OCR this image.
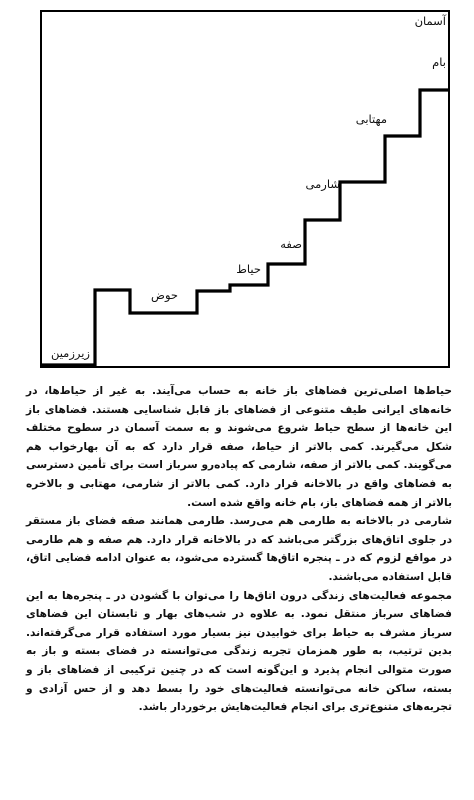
آسمان
بام
مهتابی
شارمی
صفه
حیاط
حوض
زیرزمین

حیاط‌ها اصلی‌ترین فضاهای باز خانه به حساب می‌آیند. به غیر از حیاط‌ها، در خانه‌های ایرانی طیف متنوعی از فضاهای باز قابل شناسایی هستند. فضاهای باز این خانه‌ها از سطح حیاط شروع می‌شوند و به سمت آسمان در سطوح مختلف شکل می‌گیرند. کمی بالاتر از حیاط، صفه قرار دارد که به آن بهارخواب هم می‌گویند. کمی بالاتر از صفه، شارمی که پیاده‌رو سرباز است برای تأمین دسترسی به فضاهای واقع در بالاخانه قرار دارد. کمی بالاتر از شارمی، مهتابی و بالاخره بالاتر از همه فضاهای باز، بام خانه واقع شده است.

شارمی در بالاخانه به طارمی هم می‌رسد. طارمی همانند صفه فضای باز مستقر در جلوی اتاق‌های بزرگتر می‌باشد که در بالاخانه قرار دارد. هم صفه و هم طارمی در مواقع لزوم که در ـ پنجره اتاق‌ها گسترده می‌شود، به عنوان ادامه فضایی اتاق، قابل استفاده می‌باشند.

مجموعه فعالیت‌های زندگی درون اتاق‌ها را می‌توان با گشودن در ـ پنجره‌ها به این فضاهای سرباز منتقل نمود. به علاوه در شب‌های بهار و تابستان این فضاهای سرباز مشرف به حیاط برای خوابیدن نیز بسیار مورد استفاده قرار می‌گرفته‌اند. بدین ترتیب، به طور همزمان تجربه زندگی می‌توانسته در فضای بسته و باز به صورت متوالی انجام پذیرد و این‌گونه است که در چنین ترکیبی از فضاهای باز و بسته، ساکن خانه می‌توانسته فعالیت‌های خود را بسط دهد و از حس آزادی و تجربه‌های متنوع‌تری برای انجام فعالیت‌هایش برخوردار باشد.
